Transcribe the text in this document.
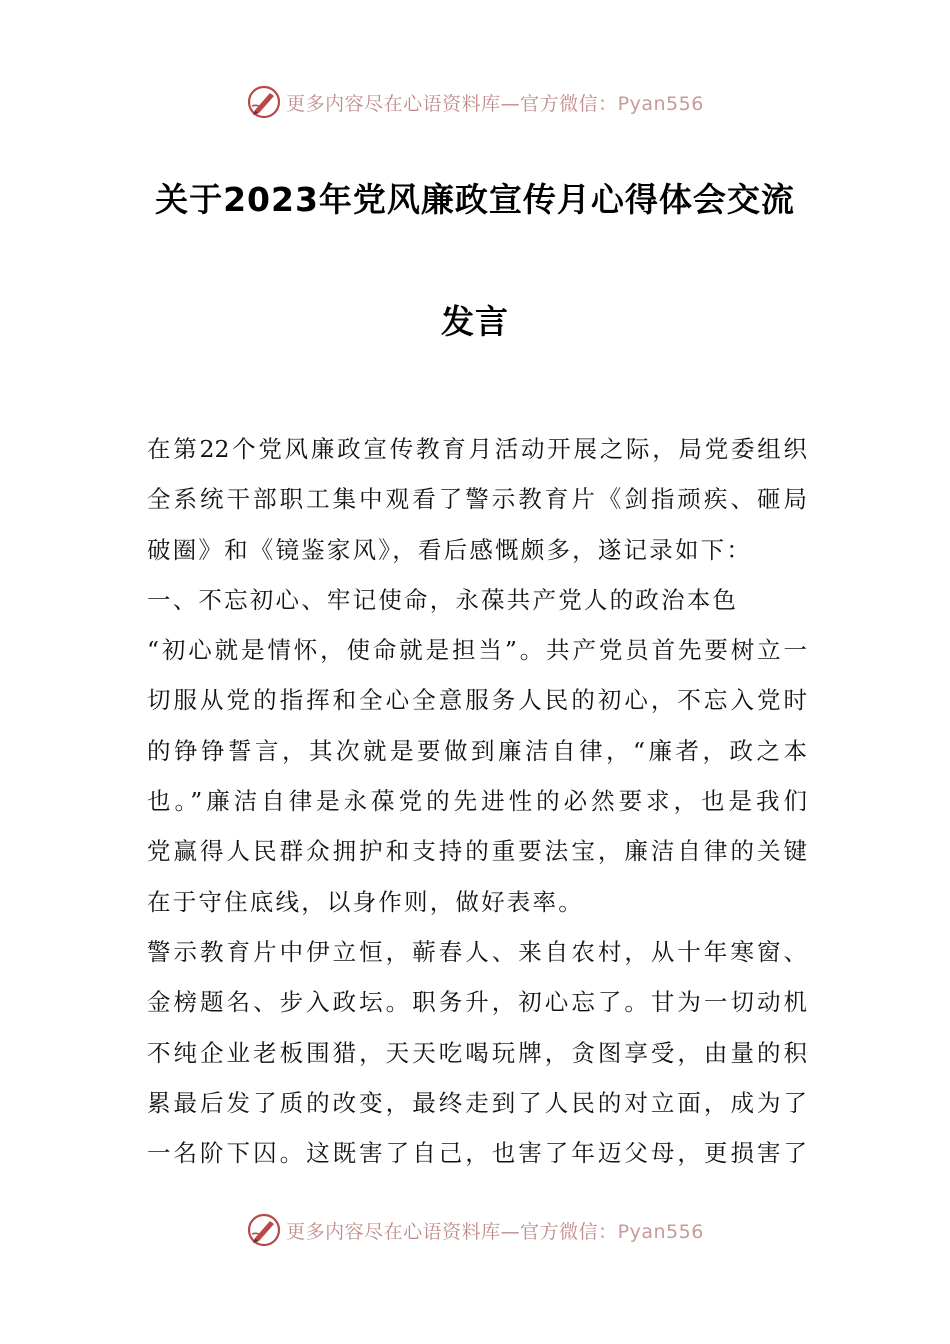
更多内容尽在心语资料库—官方微信：Pyan556
关于2023年党风廉政宣传月心得体会交流
发言
在第22个党风廉政宣传教育月活动开展之际，局党委组织
全系统干部职工集中观看了警示教育片《剑指顽疾、砸局
破圈》和《镜鉴家风》，看后感慨颇多，遂记录如下：
一、不忘初心、牢记使命，永葆共产党人的政治本色
“初心就是情怀，使命就是担当”。共产党员首先要树立一
切服从党的指挥和全心全意服务人民的初心，不忘入党时
的铮铮誓言，其次就是要做到廉洁自律，“廉者，政之本
也。”廉洁自律是永葆党的先进性的必然要求，也是我们
党赢得人民群众拥护和支持的重要法宝，廉洁自律的关键
在于守住底线，以身作则，做好表率。
警示教育片中伊立恒，蕲春人、来自农村，从十年寒窗、
金榜题名、步入政坛。职务升，初心忘了。甘为一切动机
不纯企业老板围猎，天天吃喝玩牌，贪图享受，由量的积
累最后发了质的改变，最终走到了人民的对立面，成为了
一名阶下囚。这既害了自己，也害了年迈父母，更损害了
更多内容尽在心语资料库—官方微信：Pyan556
